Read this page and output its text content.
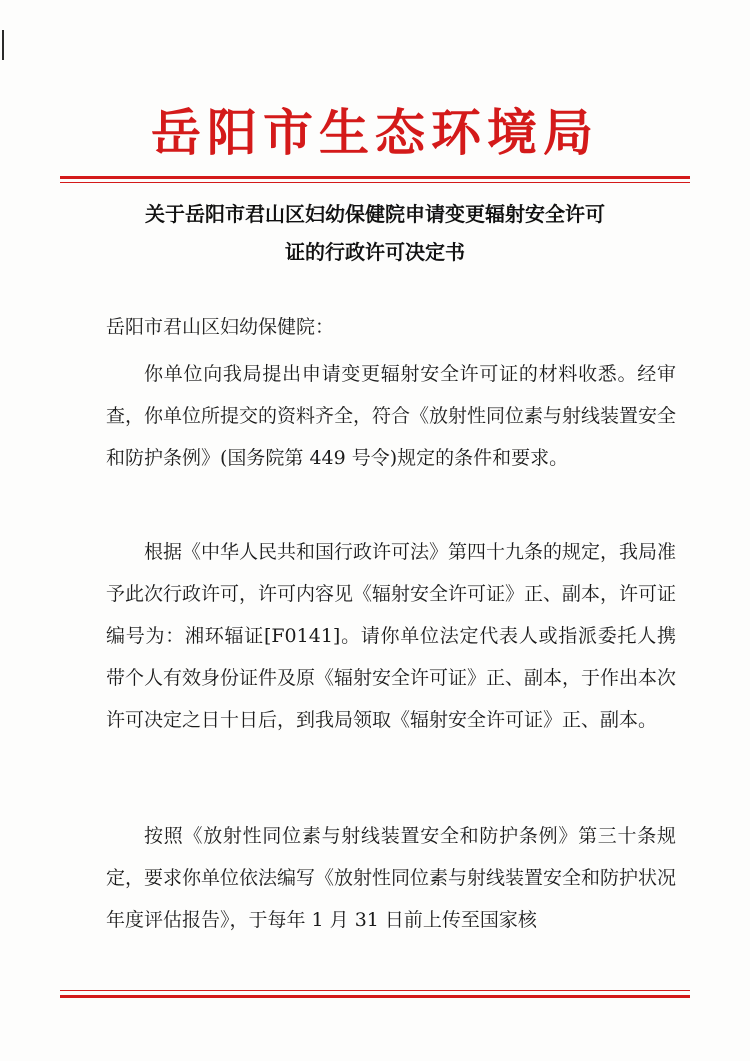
岳阳市生态环境局
关于岳阳市君山区妇幼保健院申请变更辐射安全许可
证的行政许可决定书
岳阳市君山区妇幼保健院：

你单位向我局提出申请变更辐射安全许可证的材料收悉。经审查，你单位所提交的资料齐全，符合《放射性同位素与射线装置安全和防护条例》(国务院第 449 号令)规定的条件和要求。

根据《中华人民共和国行政许可法》第四十九条的规定，我局准予此次行政许可，许可内容见《辐射安全许可证》正、副本，许可证编号为：湘环辐证[F0141]。请你单位法定代表人或指派委托人携带个人有效身份证件及原《辐射安全许可证》正、副本，于作出本次许可决定之日十日后，到我局领取《辐射安全许可证》正、副本。

按照《放射性同位素与射线装置安全和防护条例》第三十条规定，要求你单位依法编写《放射性同位素与射线装置安全和防护状况年度评估报告》，于每年 1 月 31 日前上传至国家核
